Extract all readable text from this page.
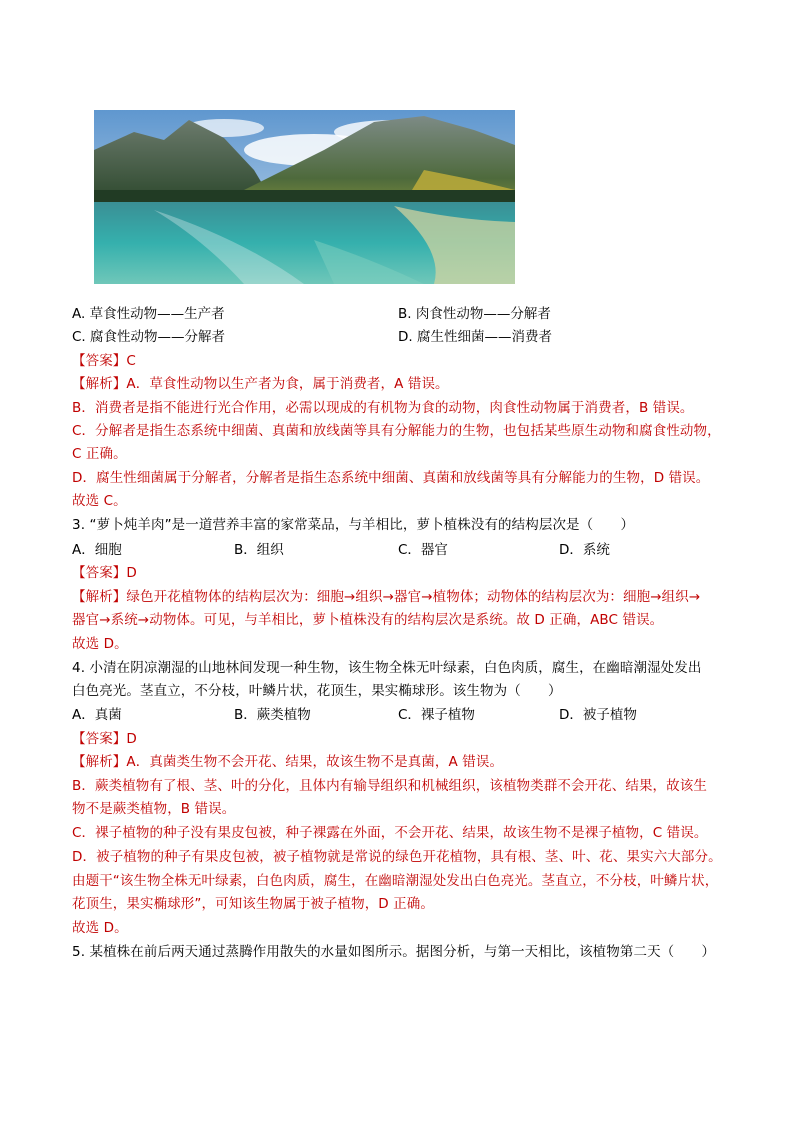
A. 草食性动物——生产者	B. 肉食性动物——分解者
C. 腐食性动物——分解者	D. 腐生性细菌——消费者
【答案】C
【解析】A．草食性动物以生产者为食，属于消费者，A 错误。
B．消费者是指不能进行光合作用，必需以现成的有机物为食的动物，肉食性动物属于消费者，B 错误。
C．分解者是指生态系统中细菌、真菌和放线菌等具有分解能力的生物，也包括某些原生动物和腐食性动物，
C 正确。
D．腐生性细菌属于分解者，分解者是指生态系统中细菌、真菌和放线菌等具有分解能力的生物，D 错误。
故选 C。
3. “萝卜炖羊肉”是一道营养丰富的家常菜品，与羊相比，萝卜植株没有的结构层次是（　　）
A．细胞	B．组织	C．器官	D．系统
【答案】D
【解析】绿色开花植物体的结构层次为：细胞→组织→器官→植物体；动物体的结构层次为：细胞→组织→
器官→系统→动物体。可见，与羊相比，萝卜植株没有的结构层次是系统。故 D 正确，ABC 错误。
故选 D。
4. 小清在阴凉潮湿的山地林间发现一种生物，该生物全株无叶绿素，白色肉质，腐生，在幽暗潮湿处发出
白色亮光。茎直立，不分枝，叶鳞片状，花顶生，果实椭球形。该生物为（　　）
A．真菌	B．蕨类植物	C．裸子植物	D．被子植物
【答案】D
【解析】A．真菌类生物不会开花、结果，故该生物不是真菌，A 错误。
B．蕨类植物有了根、茎、叶的分化，且体内有输导组织和机械组织，该植物类群不会开花、结果，故该生
物不是蕨类植物，B 错误。
C．裸子植物的种子没有果皮包被，种子裸露在外面，不会开花、结果，故该生物不是裸子植物，C 错误。
D．被子植物的种子有果皮包被，被子植物就是常说的绿色开花植物，具有根、茎、叶、花、果实六大部分。
由题干“该生物全株无叶绿素，白色肉质，腐生，在幽暗潮湿处发出白色亮光。茎直立，不分枝，叶鳞片状，
花顶生，果实椭球形”，可知该生物属于被子植物，D 正确。
故选 D。
5. 某植株在前后两天通过蒸腾作用散失的水量如图所示。据图分析，与第一天相比，该植物第二天（　　）
